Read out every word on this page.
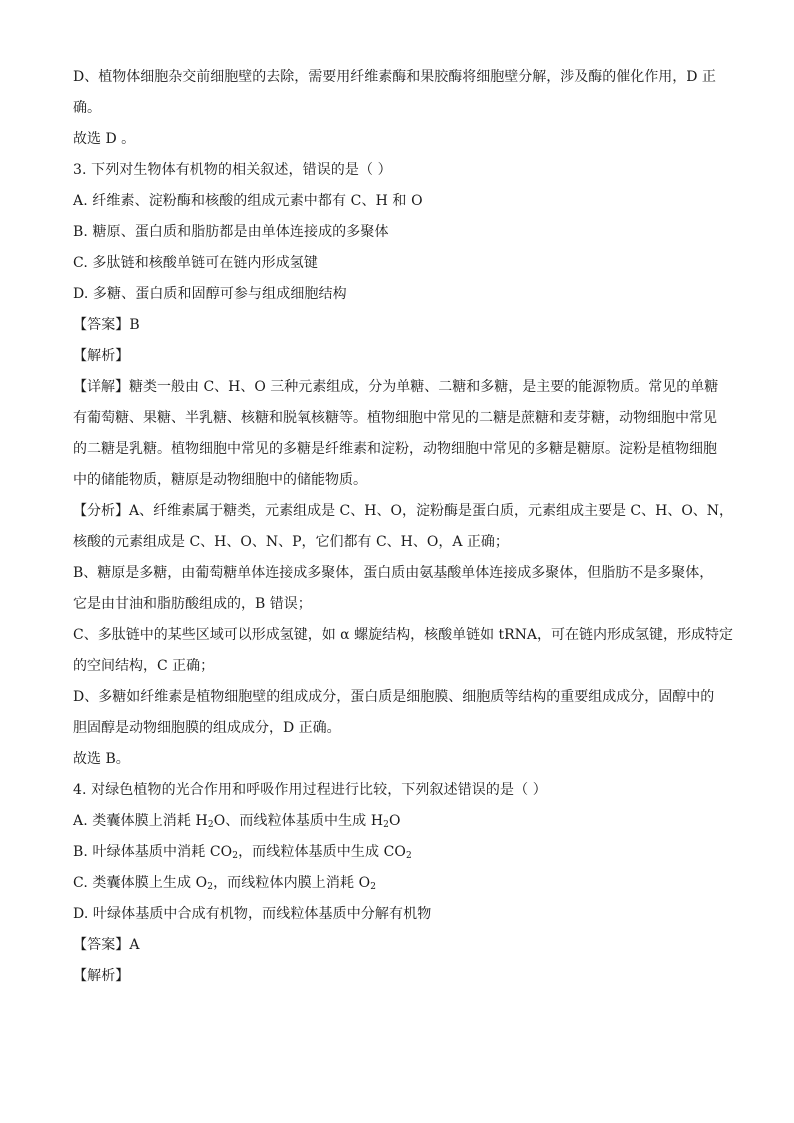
D、植物体细胞杂交前细胞壁的去除，需要用纤维素酶和果胶酶将细胞壁分解，涉及酶的催化作用，D 正
确。
故选 D 。
3. 下列对生物体有机物的相关叙述，错误的是（ ）
A. 纤维素、淀粉酶和核酸的组成元素中都有 C、H 和 O
B. 糖原、蛋白质和脂肪都是由单体连接成的多聚体
C. 多肽链和核酸单链可在链内形成氢键
D. 多糖、蛋白质和固醇可参与组成细胞结构
【答案】B
【解析】
【详解】糖类一般由 C、H、O 三种元素组成，分为单糖、二糖和多糖，是主要的能源物质。常见的单糖
有葡萄糖、果糖、半乳糖、核糖和脱氧核糖等。植物细胞中常见的二糖是蔗糖和麦芽糖，动物细胞中常见
的二糖是乳糖。植物细胞中常见的多糖是纤维素和淀粉，动物细胞中常见的多糖是糖原。淀粉是植物细胞
中的储能物质，糖原是动物细胞中的储能物质。
【分析】A、纤维素属于糖类，元素组成是 C、H、O，淀粉酶是蛋白质，元素组成主要是 C、H、O、N，
核酸的元素组成是 C、H、O、N、P，它们都有 C、H、O，A 正确；
B、糖原是多糖，由葡萄糖单体连接成多聚体，蛋白质由氨基酸单体连接成多聚体，但脂肪不是多聚体，
它是由甘油和脂肪酸组成的，B 错误；
C、多肽链中的某些区域可以形成氢键，如 α 螺旋结构，核酸单链如 tRNA，可在链内形成氢键，形成特定
的空间结构，C 正确；
D、多糖如纤维素是植物细胞壁的组成成分，蛋白质是细胞膜、细胞质等结构的重要组成成分，固醇中的
胆固醇是动物细胞膜的组成成分，D 正确。
故选 B。
4. 对绿色植物的光合作用和呼吸作用过程进行比较，下列叙述错误的是（ ）
A. 类囊体膜上消耗 $H_2O$、而线粒体基质中生成 $H_2O$
B. 叶绿体基质中消耗 $CO_2$，而线粒体基质中生成 $CO_2$
C. 类囊体膜上生成 $O_2$，而线粒体内膜上消耗 $O_2$
D. 叶绿体基质中合成有机物，而线粒体基质中分解有机物
【答案】A
【解析】
